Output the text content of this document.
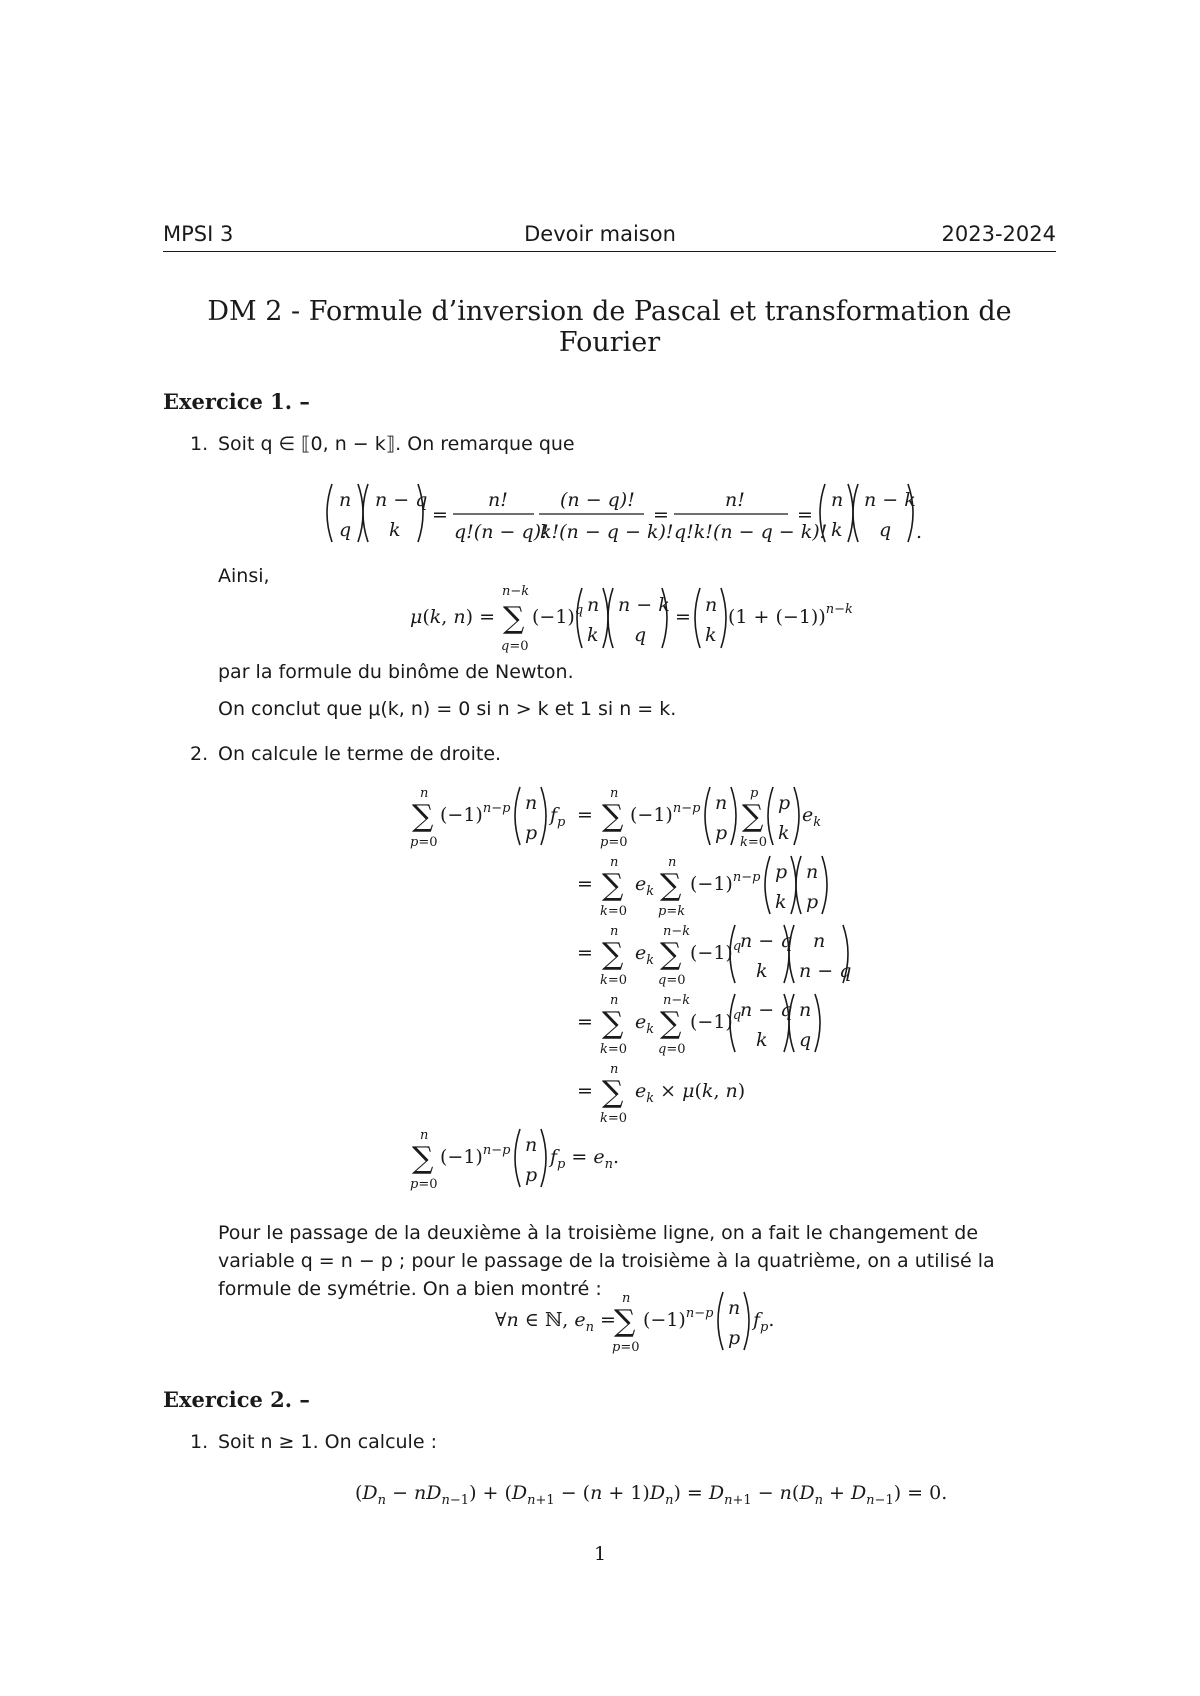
MPSI 3	Devoir maison	2023-2024
DM 2 - Formule d’inversion de Pascal et transformation de Fourier
Exercice 1. –
1. Soit q ∈ ⟦0, n − k⟧. On remarque que
n
q
n − q
k
=
n!
q!(n − q)!
(n − q)!
k!(n − q − k)!
=
n!
q!k!(n − q − k)!
=
n
k
n − k
q .
Ainsi,
μ(k, n) =
n−k
∑
q=0
$(-1)^q$ n
k
n − k
q
=
n
k
$(1 + (-1))^{n-k}$
par la formule du binôme de Newton.
On conclut que μ(k, n) = 0 si n > k et 1 si n = k.
2. On calcule le terme de droite.
n
∑
p=0
$(-1)^{n-p}$ n
p
$f_p$ =
n
∑
p=0
$(-1)^{n-p}$ n
p
p
∑
k=0
p
k
$e_k$
=
n
∑
k=0
$e_k$
n
∑
p=k
$(-1)^{n-p}$ p
k
n
p
=
n
∑
k=0
$e_k$
n−k
∑
q=0
$(-1)^q$
n − q
k
n
n − q
=
n
∑
k=0
$e_k$
n−k
∑
q=0
$(-1)^q$
n − q
k
n
q
=
n
∑
k=0
$e_k \times \mu(k$, n)
n
∑
p=0
$(-1)^{n-p}$ n
p
$f_p = e_n$.
Pour le passage de la deuxième à la troisième ligne, on a fait le changement de variable q = n − p ; pour le passage de la troisième à la quatrième, on a utilisé la formule de symétrie. On a bien montré :
∀n ∈ ℕ, $e_n$ =
n
∑
p=0
$(-1)^{n-p}$ n
p
$f_p$.
Exercice 2. –
1. Soit n ≥ 1. On calcule :
$(D_n - nD_{n-1}) + (D_{n+1} - (n + 1)D_n) = D_{n+1} - n(D_n + D_{n-1}) = 0$.
1
